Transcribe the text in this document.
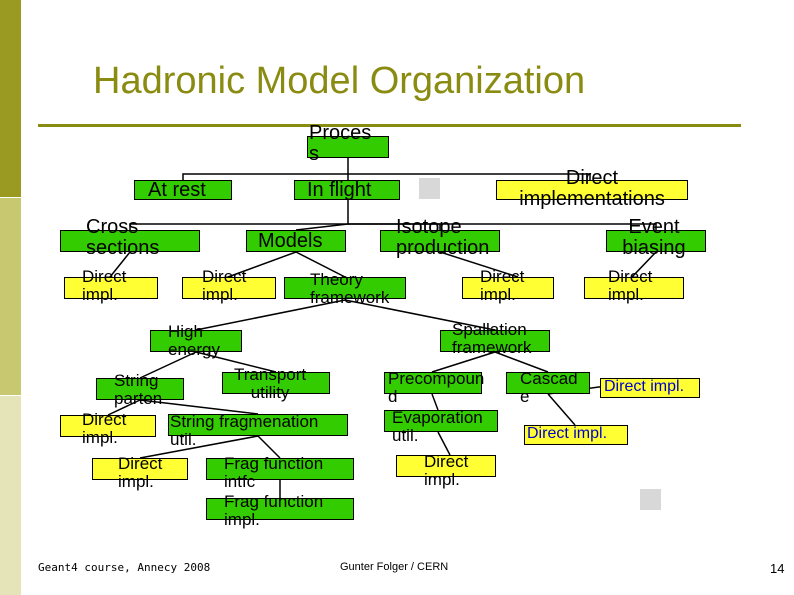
Hadronic Model Organization
Proces
s
At rest	In flight
Direct
implementations
Cross
sections	Models
Isotope
production
Event
biasing
Direct
impl.
Direct
impl.
Theory
framework
Direct
impl.
Direct
impl.
High
energy
Spallation
framework
String
parton
Transport
utility
Precompoun
d
Cascad
e
Direct impl.
Direct
impl.
String fragmenation
util.
Evaporation
util.	Direct impl.
Direct
impl.
Frag function
intfc
Direct
impl.
Frag function
impl.
Geant4 course, Annecy 2008	Gunter Folger / CERN	14
